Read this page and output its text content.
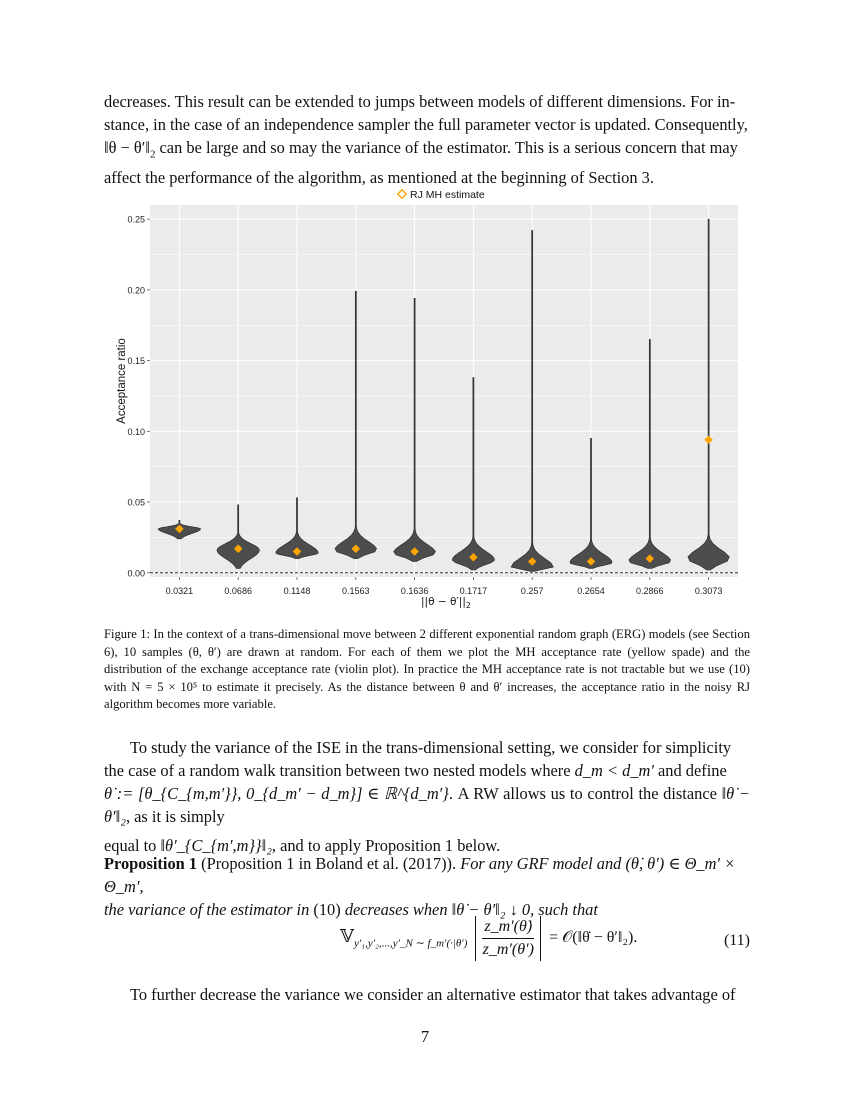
decreases. This result can be extended to jumps between models of different dimensions. For in-

stance, in the case of an independence sampler the full parameter vector is updated. Consequently,

‖θ − $\theta'‖_2$ can be large and so may the variance of the estimator. This is a serious concern that may

affect the performance of the algorithm, as mentioned at the beginning of Section 3.

RJ MH estimate
0.00
0.05
0.10
0.15
0.20
0.25
0.0321	0.0686	0.1148	0.1563	0.1636	0.1717	0.257	0.2654	0.2866	0.3073
Acceptance ratio
$||\theta - \theta'||_2$

Figure 1: In the context of a trans-dimensional move between 2 different exponential random graph (ERG) models (see Section 6), 10 samples (θ, θ′) are drawn at random. For each of them we plot the MH acceptance rate (yellow spade) and the distribution of the exchange acceptance rate (violin plot). In practice the MH acceptance rate is not tractable but we use (10) with N = 5 × 10⁵ to estimate it precisely. As the distance between θ and θ′ increases, the acceptance ratio in the noisy RJ algorithm becomes more variable.

To study the variance of the ISE in the trans-dimensional setting, we consider for simplicity

the case of a random walk transition between two nested models where d_m < d_m′ and define

θ̇ := [θ_{C_{m,m′}}, 0_{d_m′ − d_m}] ∈ ℝ^{d_m′}. A RW allows us to control the distance ‖θ̇ − θ′‖₂, as it is simply

equal to ‖θ′_{C_{m′,m}}‖₂, and to apply Proposition 1 below.

Proposition 1 (Proposition 1 in Boland et al. (2017)). For any GRF model and (θ̇, θ′) ∈ Θ_m′ × Θ_m′,
the variance of the estimator in (10) decreases when ‖θ̇ − θ′‖₂ ↓ 0, such that
𝕍$_{y'_1,y'_2,...,y'\_N \sim f\_m'(\cdot|\theta')}$ $\frac{z\_m'(\thetȧ)}{z\_m'(\theta')}$ = 𝒪(‖θ̇ − θ′‖₂).	(11)

To further decrease the variance we consider an alternative estimator that takes advantage of

7
